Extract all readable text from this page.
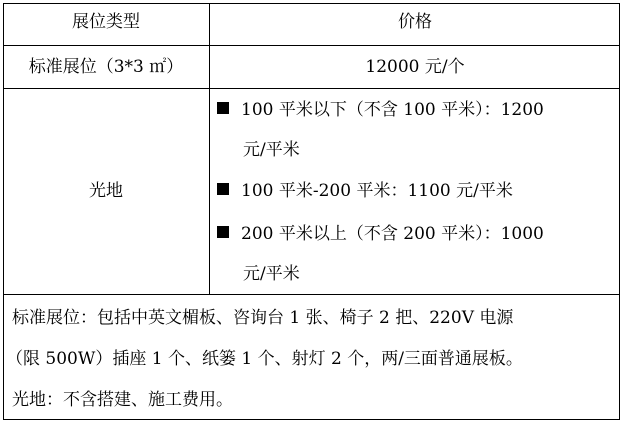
展位类型	价格
标准展位（3*3 ㎡）	12000 元/个
光地
100 平米以下（不含 100 平米）：1200
元/平米
100 平米-200 平米：1100 元/平米
200 平米以上（不含 200 平米）：1000
元/平米
标准展位：包括中英文楣板、咨询台 1 张、椅子 2 把、220V 电源
（限 500W）插座 1 个、纸篓 1 个、射灯 2 个，两/三面普通展板。
光地：不含搭建、施工费用。
